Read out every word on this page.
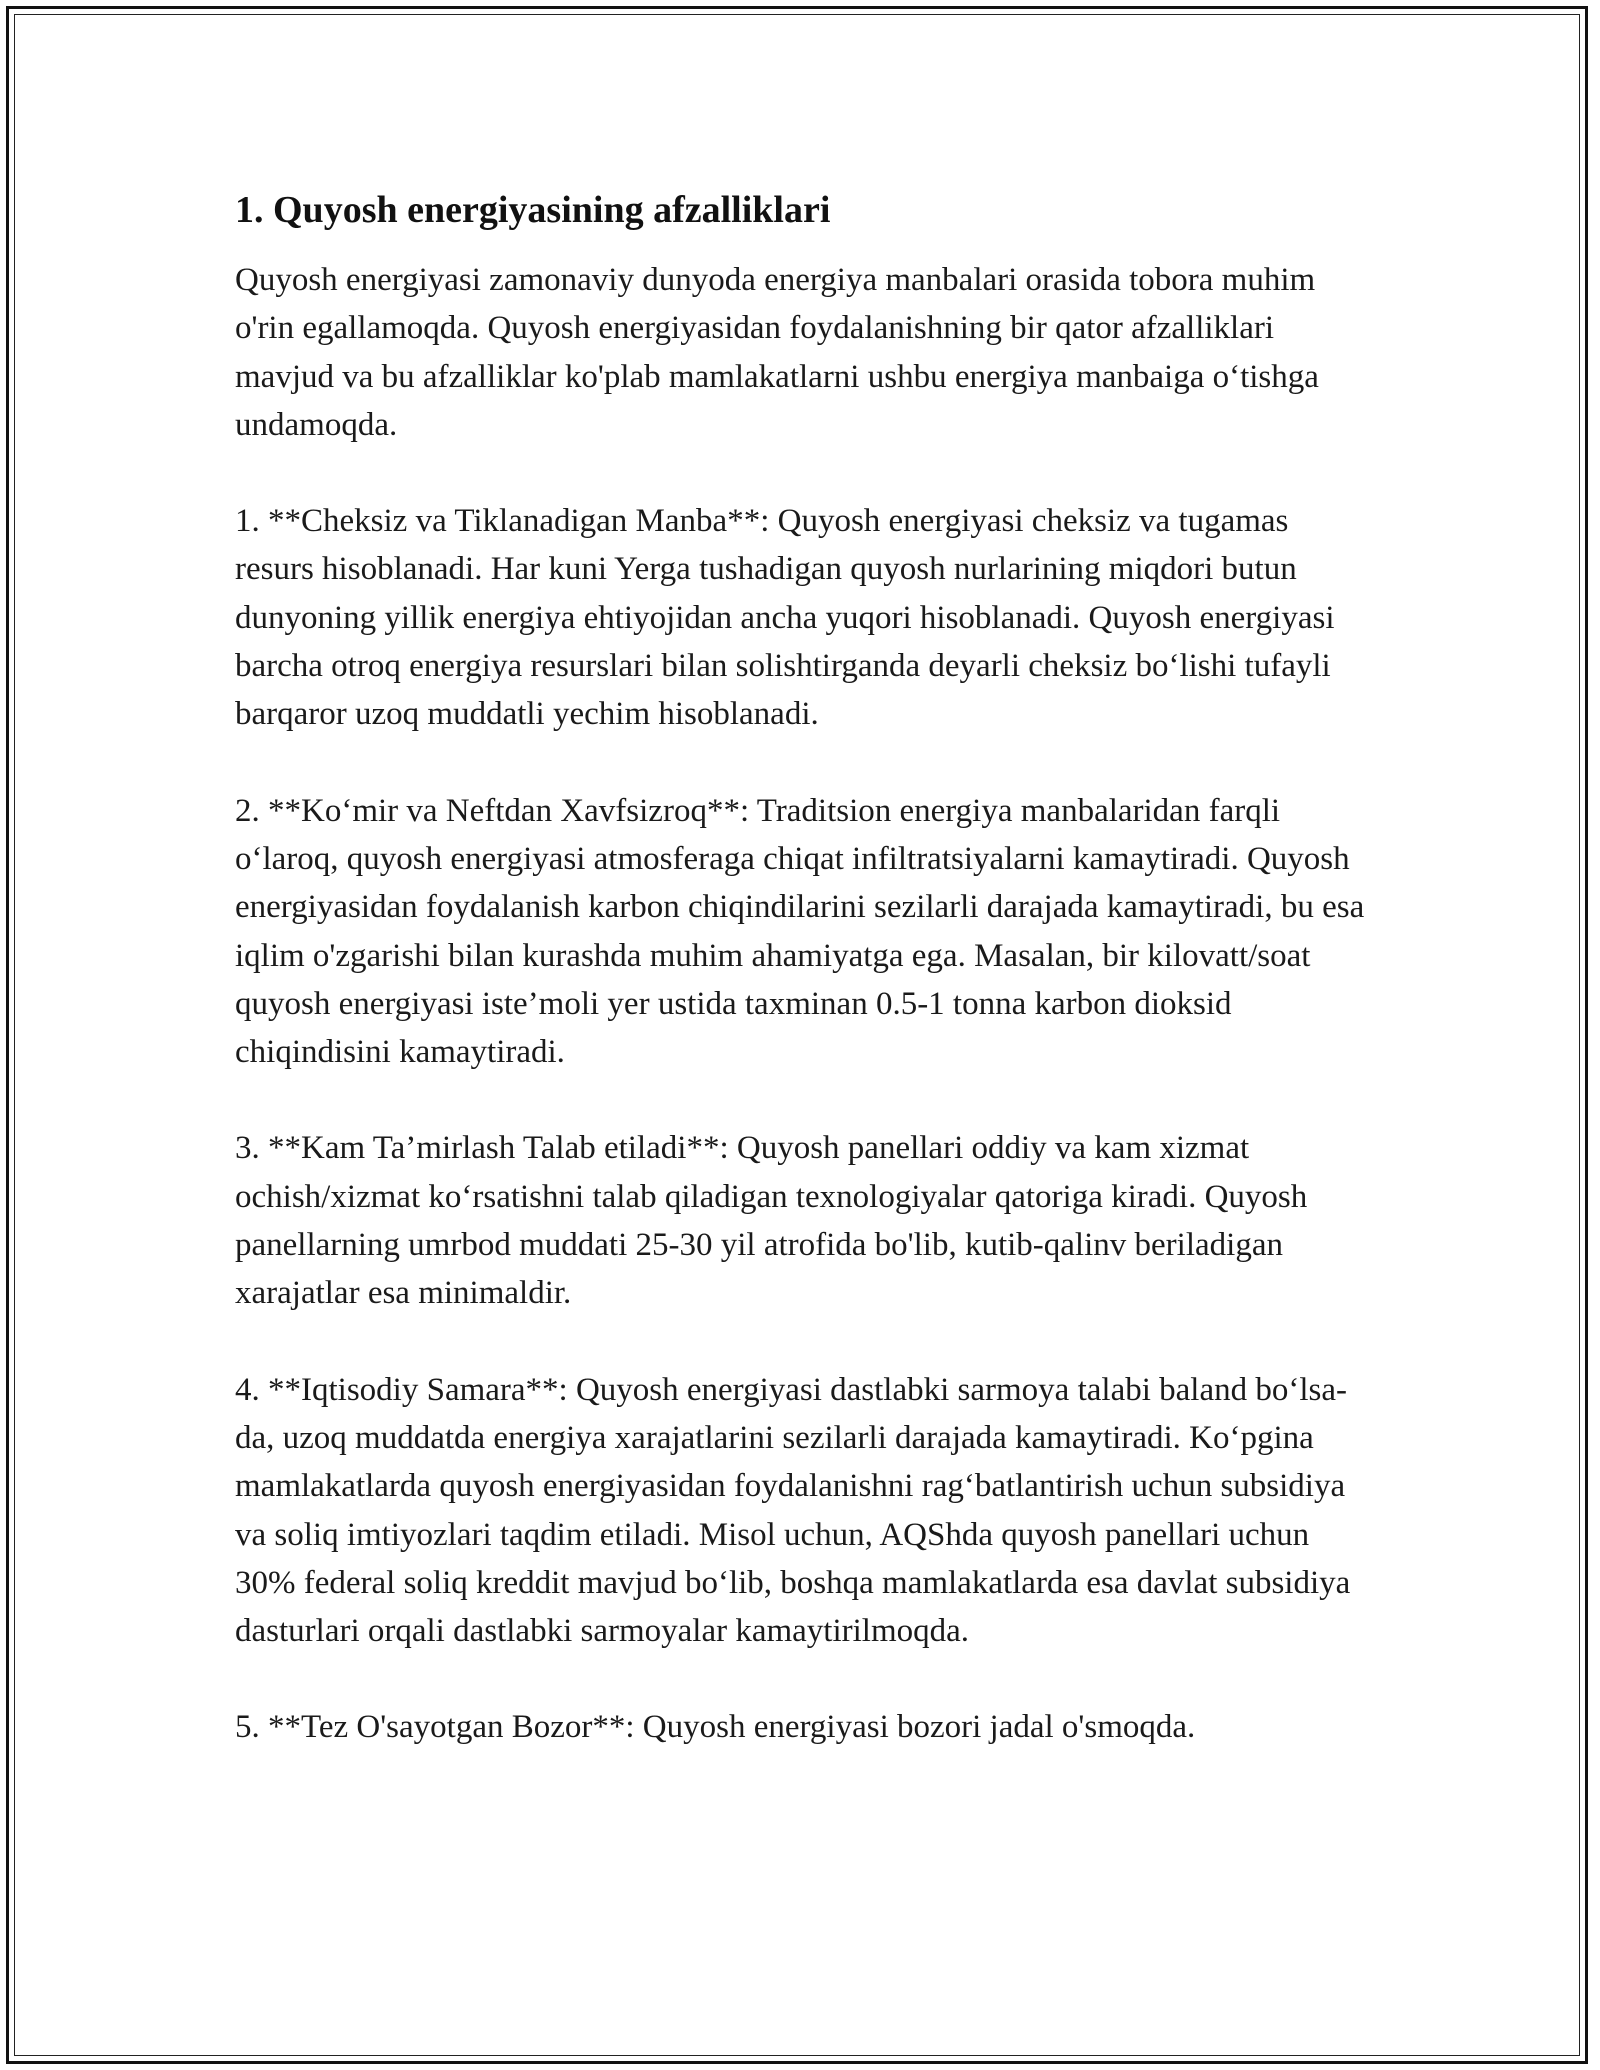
1. Quyosh energiyasining afzalliklari

Quyosh energiyasi zamonaviy dunyoda energiya manbalari orasida tobora muhim o'rin egallamoqda. Quyosh energiyasidan foydalanishning bir qator afzalliklari mavjud va bu afzalliklar ko'plab mamlakatlarni ushbu energiya manbaiga o‘tishga undamoqda.

1. **Cheksiz va Tiklanadigan Manba**: Quyosh energiyasi cheksiz va tugamas resurs hisoblanadi. Har kuni Yerga tushadigan quyosh nurlarining miqdori butun dunyoning yillik energiya ehtiyojidan ancha yuqori hisoblanadi. Quyosh energiyasi barcha otroq energiya resurslari bilan solishtirganda deyarli cheksiz bo‘lishi tufayli barqaror uzoq muddatli yechim hisoblanadi.

2. **Ko‘mir va Neftdan Xavfsizroq**: Traditsion energiya manbalaridan farqli o‘laroq, quyosh energiyasi atmosferaga chiqat infiltratsiyalarni kamaytiradi. Quyosh energiyasidan foydalanish karbon chiqindilarini sezilarli darajada kamaytiradi, bu esa iqlim o'zgarishi bilan kurashda muhim ahamiyatga ega. Masalan, bir kilovatt/soat quyosh energiyasi iste’moli yer ustida taxminan 0.5-1 tonna karbon dioksid chiqindisini kamaytiradi.

3. **Kam Ta’mirlash Talab etiladi**: Quyosh panellari oddiy va kam xizmat ochish/xizmat ko‘rsatishni talab qiladigan texnologiyalar qatoriga kiradi. Quyosh panellarning umrbod muddati 25-30 yil atrofida bo'lib, kutib-qalinv beriladigan xarajatlar esa minimaldir.

4. **Iqtisodiy Samara**: Quyosh energiyasi dastlabki sarmoya talabi baland bo‘lsa-da, uzoq muddatda energiya xarajatlarini sezilarli darajada kamaytiradi. Ko‘pgina mamlakatlarda quyosh energiyasidan foydalanishni rag‘batlantirish uchun subsidiya va soliq imtiyozlari taqdim etiladi. Misol uchun, AQShda quyosh panellari uchun 30% federal soliq kreddit mavjud bo‘lib, boshqa mamlakatlarda esa davlat subsidiya dasturlari orqali dastlabki sarmoyalar kamaytirilmoqda.

5. **Tez O'sayotgan Bozor**: Quyosh energiyasi bozori jadal o'smoqda.
